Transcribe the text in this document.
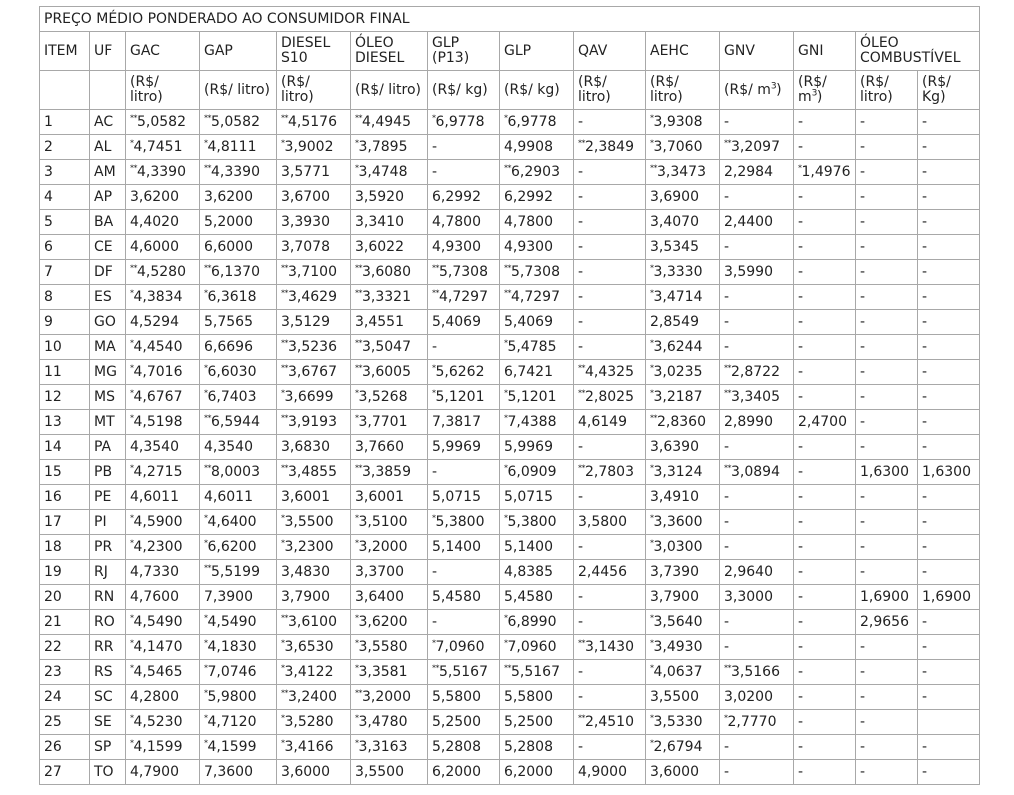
PREÇO MÉDIO PONDERADO AO CONSUMIDOR FINAL													
ITEM	UF	GAC	GAP	DIESEL S10	ÓLEO DIESEL	GLP (P13)	GLP	QAV	AEHC	GNV	GNI	ÓLEO COMBUSTÍVEL	
		(R$/ litro)	(R$/ litro)	(R$/ litro)	(R$/ litro)	(R$/ kg)	(R$/ kg)	(R$/ litro)	(R$/ litro)	(R$/ m⁠$^3$)	(R$/ m⁠$^3$)	(R$/ litro)	(R$/ Kg)
1	AC	**5,0582	**5,0582	**4,5176	**4,4945	*6,9778	*6,9778	-	*3,9308	-	-	-	-
2	AL	*4,7451	*4,8111	*3,9002	*3,7895	-	4,9908	**2,3849	*3,7060	**3,2097	-	-	-
3	AM	**4,3390	**4,3390	3,5771	*3,4748	-	**6,2903	-	**3,3473	2,2984	*1,4976	-	-
4	AP	3,6200	3,6200	3,6700	3,5920	6,2992	6,2992	-	3,6900	-	-	-	-
5	BA	4,4020	5,2000	3,3930	3,3410	4,7800	4,7800	-	3,4070	2,4400	-	-	-
6	CE	4,6000	6,6000	3,7078	3,6022	4,9300	4,9300	-	3,5345	-	-	-	-
7	DF	**4,5280	**6,1370	**3,7100	**3,6080	**5,7308	**5,7308	-	*3,3330	3,5990	-	-	-
8	ES	*4,3834	*6,3618	**3,4629	**3,3321	**4,7297	**4,7297	-	*3,4714	-	-	-	-
9	GO	4,5294	5,7565	3,5129	3,4551	5,4069	5,4069	-	2,8549	-	-	-	-
10	MA	*4,4540	6,6696	**3,5236	**3,5047	-	*5,4785	-	*3,6244	-	-	-	-
11	MG	*4,7016	*6,6030	**3,6767	**3,6005	*5,6262	6,7421	**4,4325	*3,0235	**2,8722	-	-	-
12	MS	*4,6767	*6,7403	*3,6699	*3,5268	*5,1201	*5,1201	**2,8025	*3,2187	**3,3405	-	-	-
13	MT	*4,5198	**6,5944	**3,9193	*3,7701	7,3817	*7,4388	4,6149	**2,8360	2,8990	2,4700	-	-
14	PA	4,3540	4,3540	3,6830	3,7660	5,9969	5,9969	-	3,6390	-	-	-	-
15	PB	*4,2715	**8,0003	**3,4855	**3,3859	-	*6,0909	**2,7803	*3,3124	**3,0894	-	1,6300	1,6300
16	PE	4,6011	4,6011	3,6001	3,6001	5,0715	5,0715	-	3,4910	-	-	-	-
17	PI	*4,5900	*4,6400	*3,5500	*3,5100	*5,3800	*5,3800	3,5800	*3,3600	-	-	-	-
18	PR	*4,2300	*6,6200	*3,2300	*3,2000	5,1400	5,1400	-	*3,0300	-	-	-	-
19	RJ	4,7330	**5,5199	3,4830	3,3700	-	4,8385	2,4456	3,7390	2,9640	-	-	-
20	RN	4,7600	7,3900	3,7900	3,6400	5,4580	5,4580	-	3,7900	3,3000	-	1,6900	1,6900
21	RO	*4,5490	*4,5490	**3,6100	*3,6200	-	*6,8990	-	*3,5640	-	-	2,9656	-
22	RR	*4,1470	*4,1830	*3,6530	*3,5580	*7,0960	*7,0960	**3,1430	*3,4930	-	-	-	-
23	RS	*4,5465	*7,0746	*3,4122	*3,3581	**5,5167	**5,5167	-	*4,0637	**3,5166	-	-	-
24	SC	4,2800	*5,9800	**3,2400	**3,2000	5,5800	5,5800	-	3,5500	3,0200	-	-	-
25	SE	*4,5230	*4,7120	*3,5280	*3,4780	5,2500	5,2500	**2,4510	*3,5330	*2,7770	-	-	
26	SP	*4,1599	*4,1599	*3,4166	*3,3163	5,2808	5,2808	-	*2,6794	-	-	-	-
27	TO	4,7900	7,3600	3,6000	3,5500	6,2000	6,2000	4,9000	3,6000	-	-	-	-
